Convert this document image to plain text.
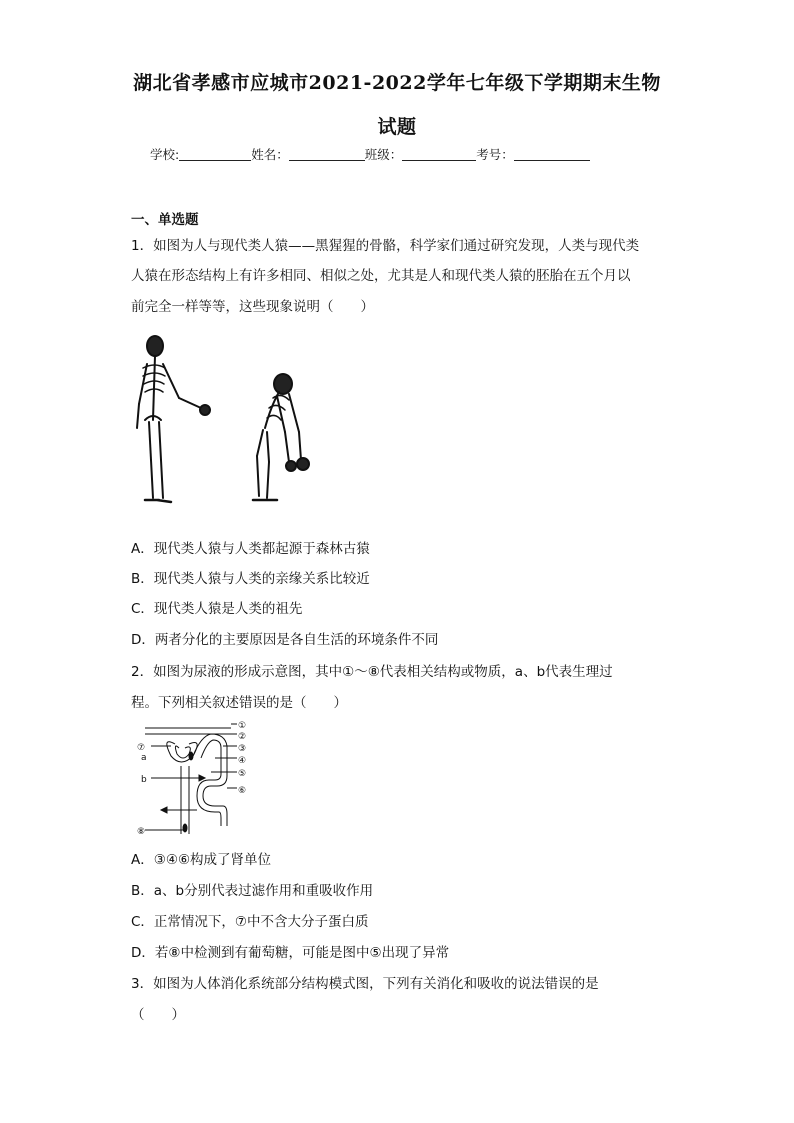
湖北省孝感市应城市2021-2022学年七年级下学期期末生物
试题
学校:	姓名：	班级：	考号：
一、单选题
1．如图为人与现代类人猿——黑猩猩的骨骼，科学家们通过研究发现，人类与现代类
人猿在形态结构上有许多相同、相似之处，尤其是人和现代类人猿的胚胎在五个月以
前完全一样等等，这些现象说明（　　）
A．现代类人猿与人类都起源于森林古猿
B．现代类人猿与人类的亲缘关系比较近
C．现代类人猿是人类的祖先
D．两者分化的主要原因是各自生活的环境条件不同
2．如图为尿液的形成示意图，其中①～⑧代表相关结构或物质，a、b代表生理过
程。下列相关叙述错误的是（　　）
①
②
③
④
⑤
⑥
⑦
⑧
a
b
A．③④⑥构成了肾单位
B．a、b分别代表过滤作用和重吸收作用
C．正常情况下，⑦中不含大分子蛋白质
D．若⑧中检测到有葡萄糖，可能是图中⑤出现了异常
3．如图为人体消化系统部分结构模式图，下列有关消化和吸收的说法错误的是
（　　）
